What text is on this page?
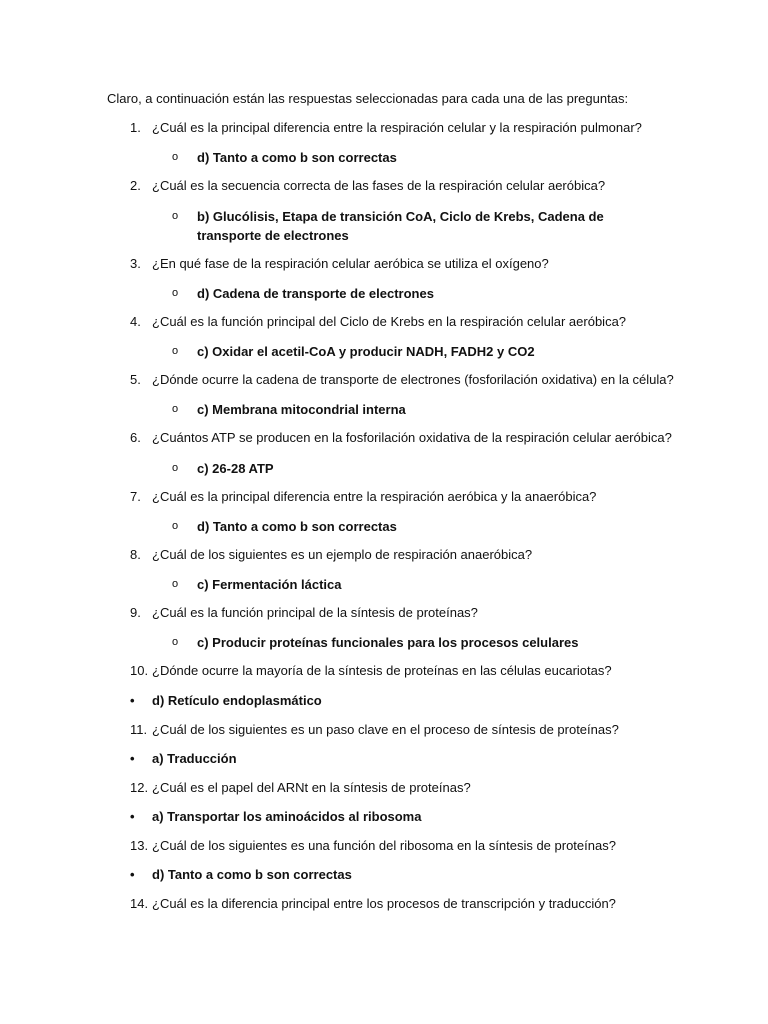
Claro, a continuación están las respuestas seleccionadas para cada una de las preguntas:
1. ¿Cuál es la principal diferencia entre la respiración celular y la respiración pulmonar?
o d) Tanto a como b son correctas
2. ¿Cuál es la secuencia correcta de las fases de la respiración celular aeróbica?
o b) Glucólisis, Etapa de transición CoA, Ciclo de Krebs, Cadena de transporte de electrones
3. ¿En qué fase de la respiración celular aeróbica se utiliza el oxígeno?
o d) Cadena de transporte de electrones
4. ¿Cuál es la función principal del Ciclo de Krebs en la respiración celular aeróbica?
o c) Oxidar el acetil-CoA y producir NADH, FADH2 y CO2
5. ¿Dónde ocurre la cadena de transporte de electrones (fosforilación oxidativa) en la célula?
o c) Membrana mitocondrial interna
6. ¿Cuántos ATP se producen en la fosforilación oxidativa de la respiración celular aeróbica?
o c) 26-28 ATP
7. ¿Cuál es la principal diferencia entre la respiración aeróbica y la anaeróbica?
o d) Tanto a como b son correctas
8. ¿Cuál de los siguientes es un ejemplo de respiración anaeróbica?
o c) Fermentación láctica
9. ¿Cuál es la función principal de la síntesis de proteínas?
o c) Producir proteínas funcionales para los procesos celulares
10. ¿Dónde ocurre la mayoría de la síntesis de proteínas en las células eucariotas?
• d) Retículo endoplasmático
11. ¿Cuál de los siguientes es un paso clave en el proceso de síntesis de proteínas?
• a) Traducción
12. ¿Cuál es el papel del ARNt en la síntesis de proteínas?
• a) Transportar los aminoácidos al ribosoma
13. ¿Cuál de los siguientes es una función del ribosoma en la síntesis de proteínas?
• d) Tanto a como b son correctas
14. ¿Cuál es la diferencia principal entre los procesos de transcripción y traducción?
